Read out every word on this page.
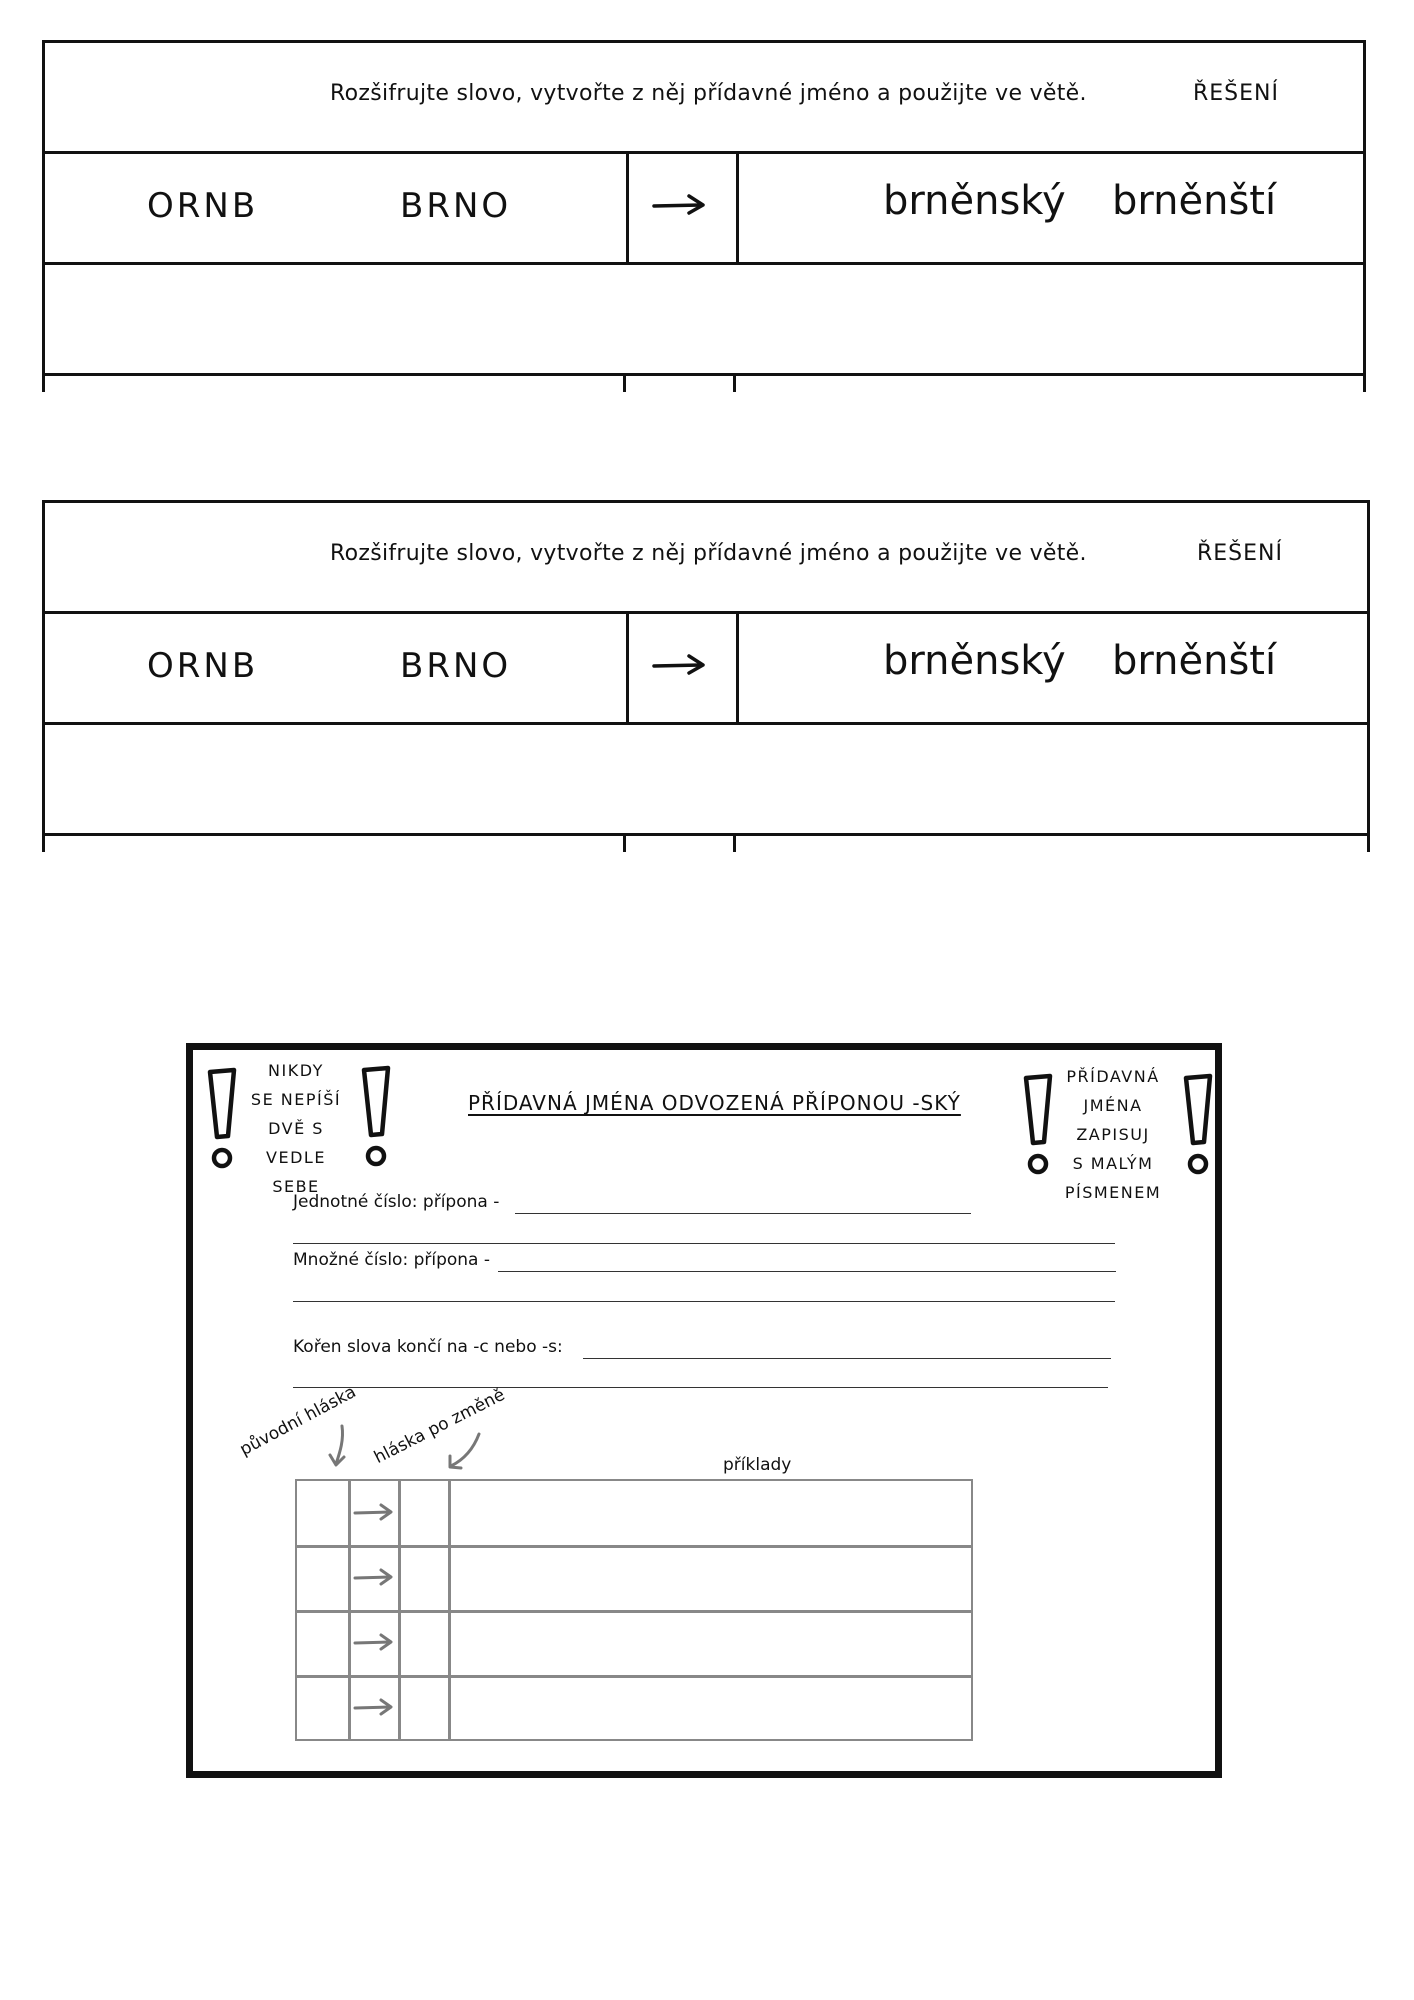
Rozšifrujte slovo, vytvořte z něj přídavné jméno a použijte ve větě.	ŘEŠENÍ
ORNB	BRNO	brněnský brněnští
Rozšifrujte slovo, vytvořte z něj přídavné jméno a použijte ve větě.	ŘEŠENÍ
ORNB	BRNO	brněnský brněnští
NIKDY
SE NEPÍŠÍ
DVĚ S
VEDLE SEBE
PŘÍDAVNÁ JMÉNA ODVOZENÁ PŘÍPONOU -SKÝ
PŘÍDAVNÁ
JMÉNA
ZAPISUJ
S MALÝM
PÍSMENEM
Jednotné číslo: přípona -
Množné číslo: přípona -
Kořen slova končí na -c nebo -s:
původní hláska hláska po změně	příklady
